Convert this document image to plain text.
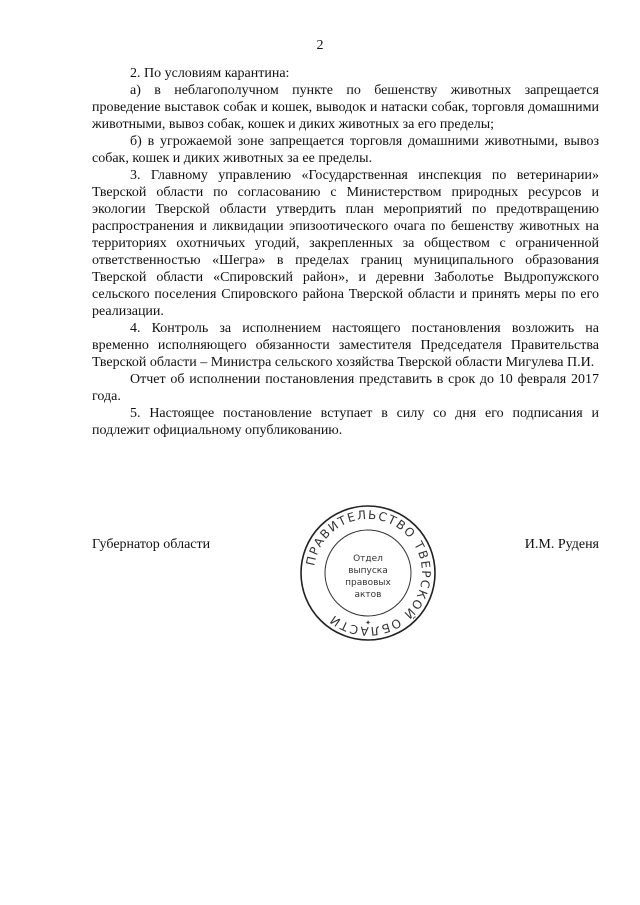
2

2. По условиям карантина:

а) в неблагополучном пункте по бешенству животных запрещается проведение выставок собак и кошек, выводок и натаски собак, торговля домашними животными, вывоз собак, кошек и диких животных за его пределы;

б) в угрожаемой зоне запрещается торговля домашними животными, вывоз собак, кошек и диких животных за ее пределы.

3. Главному управлению «Государственная инспекция по ветеринарии» Тверской области по согласованию с Министерством природных ресурсов и экологии Тверской области утвердить план мероприятий по предотвращению распространения и ликвидации эпизоотического очага по бешенству животных на территориях охотничьих угодий, закрепленных за обществом с ограниченной ответственностью «Шегра» в пределах границ муниципального образования Тверской области «Спировский район», и деревни Заболотье Выдропужского сельского поселения Спировского района Тверской области и принять меры по его реализации.

4. Контроль за исполнением настоящего постановления возложить на временно исполняющего обязанности заместителя Председателя Правительства Тверской области – Министра сельского хозяйства Тверской области Мигулева П.И.

Отчет об исполнении постановления представить в срок до 10 февраля 2017 года.

5. Настоящее постановление вступает в силу со дня его подписания и подлежит официальному опубликованию.

Губернатор области	И.М. Руденя
ПРАВИТЕЛЬСТВО ТВЕРСКОЙ ОБЛАСТИ
Отдел
выпуска
правовых
актов
✦
